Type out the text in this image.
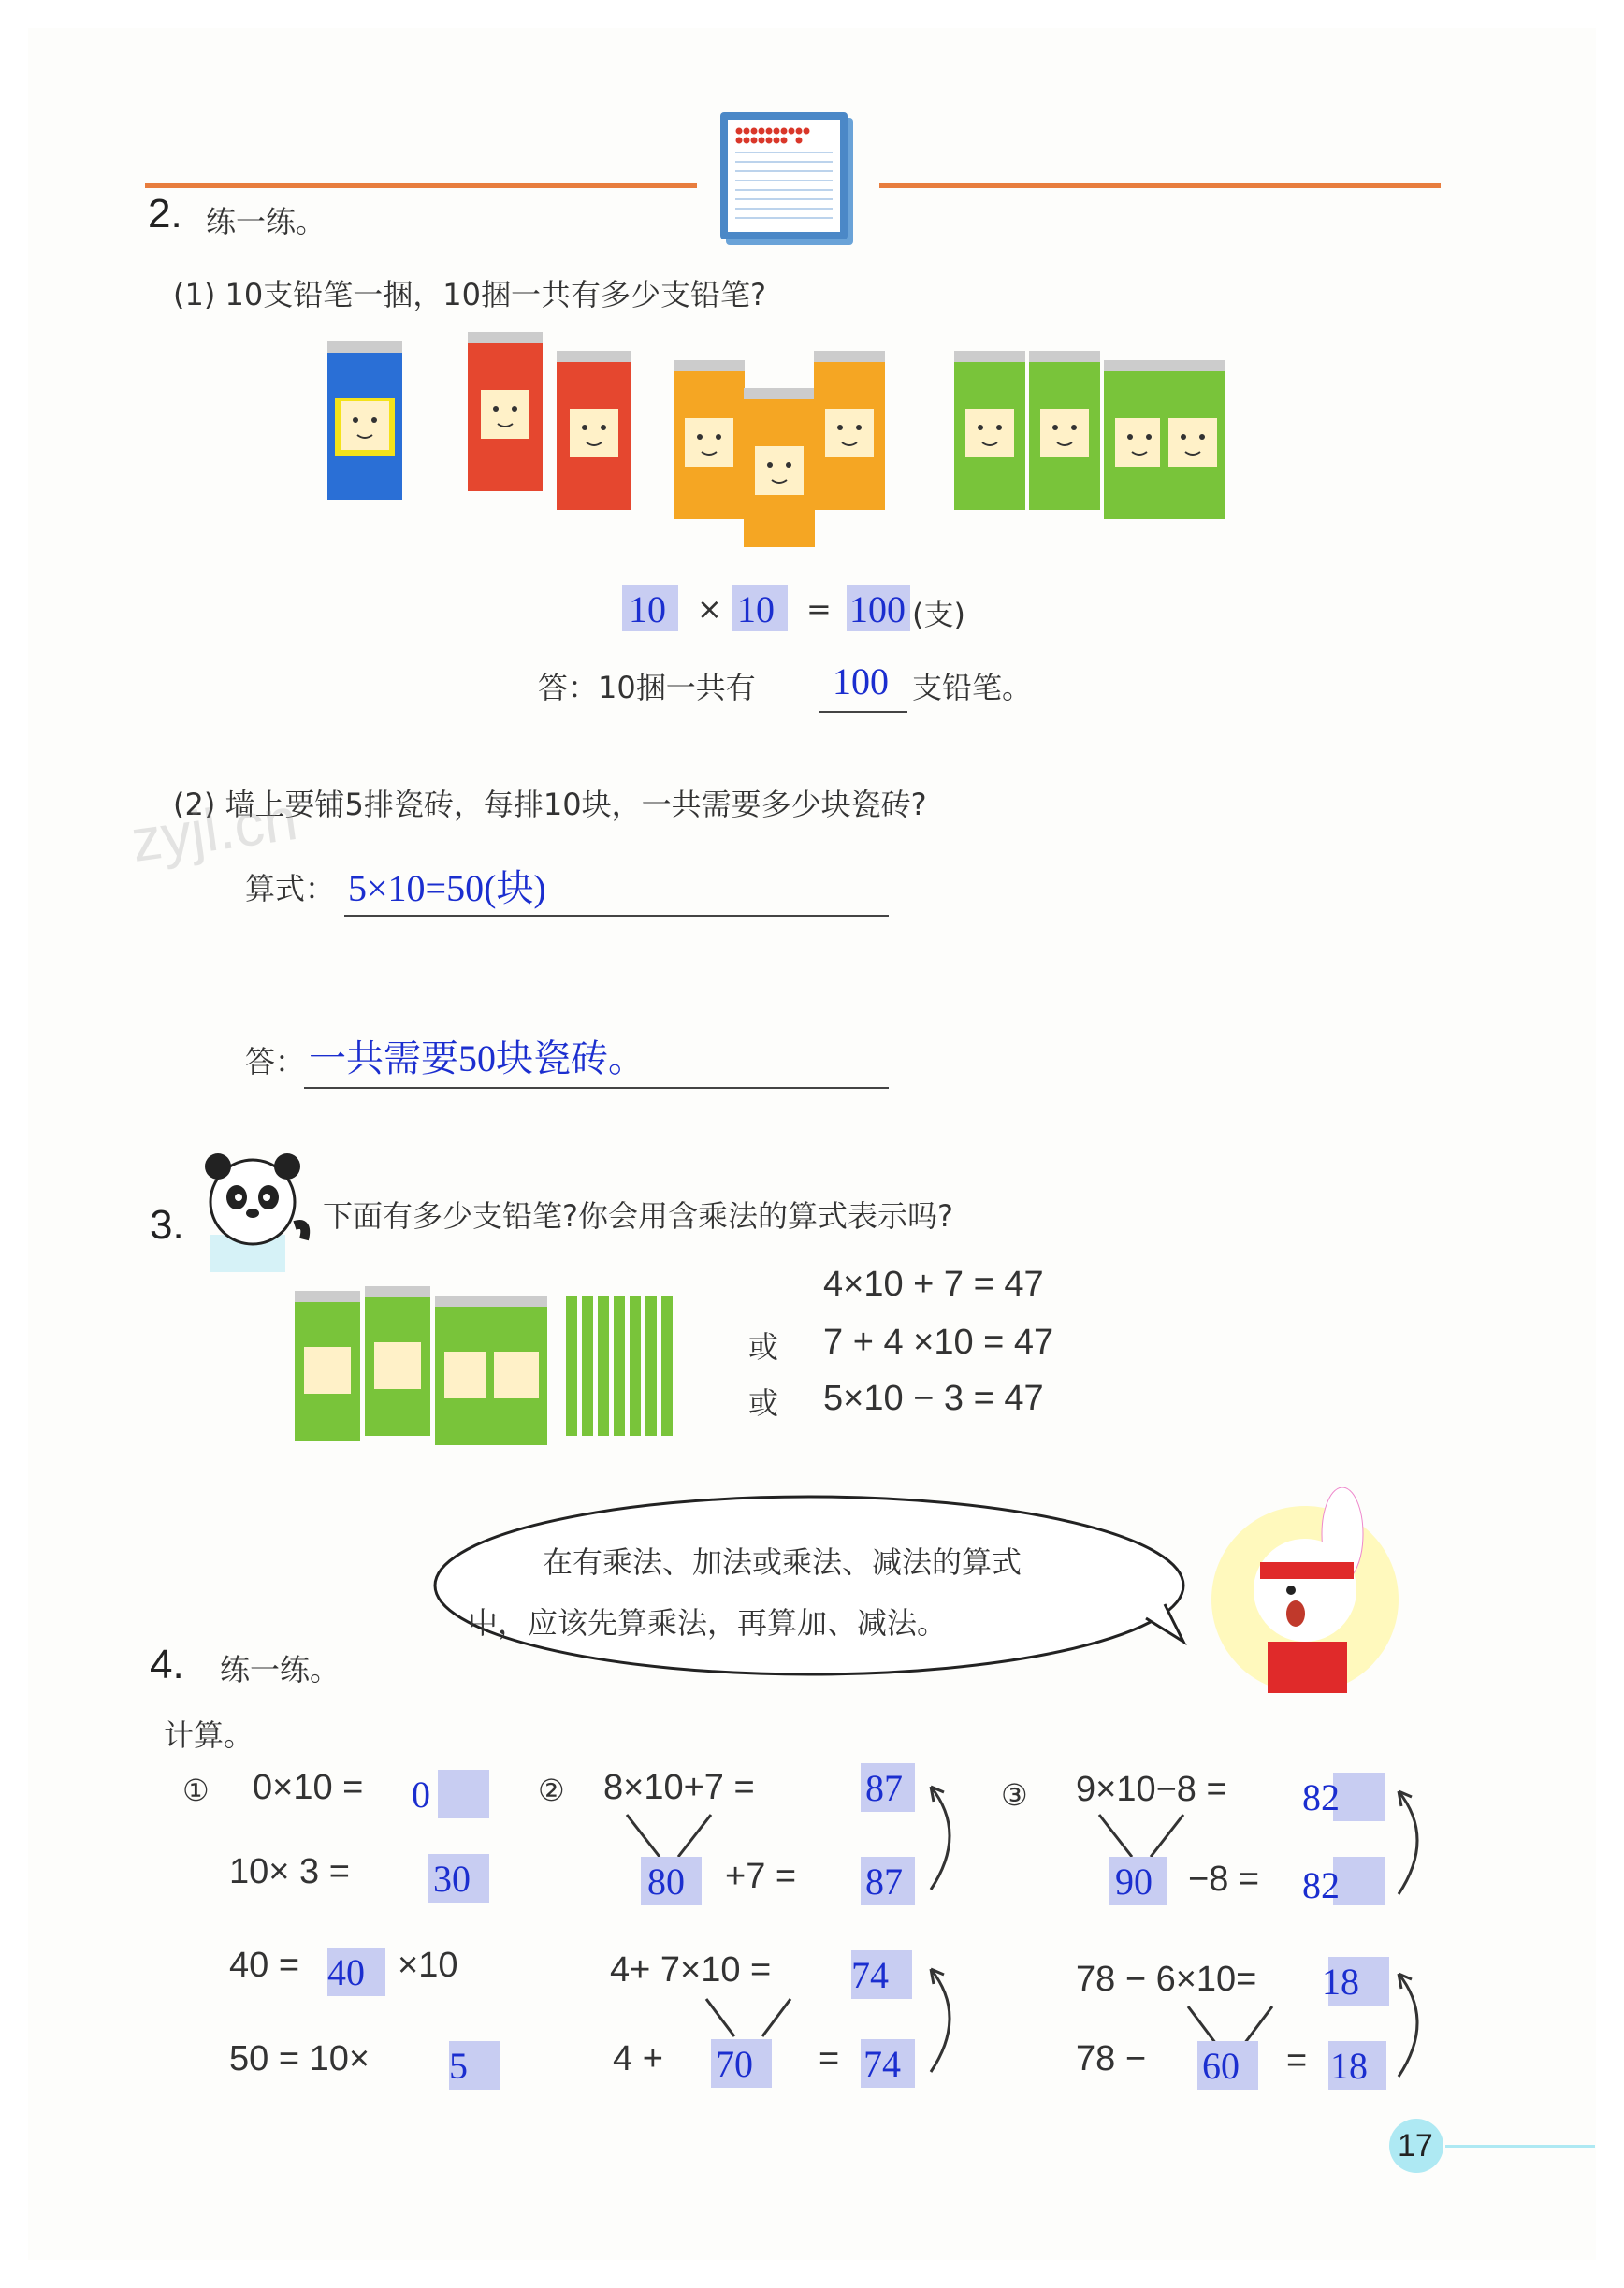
2. 练一练。
(1) 10支铅笔一捆，10捆一共有多少支铅笔?
10 × 10 = 100 (支)
答：10捆一共有 100 支铅笔。
(2) 墙上要铺5排瓷砖，每排10块，一共需要多少块瓷砖?
zyjl.cn
算式： 5×10=50(块)
答： 一共需要50块瓷砖。
3.	下面有多少支铅笔?你会用含乘法的算式表示吗?
4×10 + 7 = 47
或 7 + 4 ×10 = 47
或 5×10 − 3 = 47
在有乘法、加法或乘法、减法的算式
中，应该先算乘法，再算加、减法。
4. 练一练。
计算。
① 0×10 = 0
10× 3 = 30
40 = 40 ×10
50 = 10× 5
② 8×10+7 =	87
80 +7 = 87
4+ 7×10 = 74
4 + 70 = 74
③ 9×10−8 = 82
90 −8 = 82
78 − 6×10= 18
78 − 60 = 18
17
